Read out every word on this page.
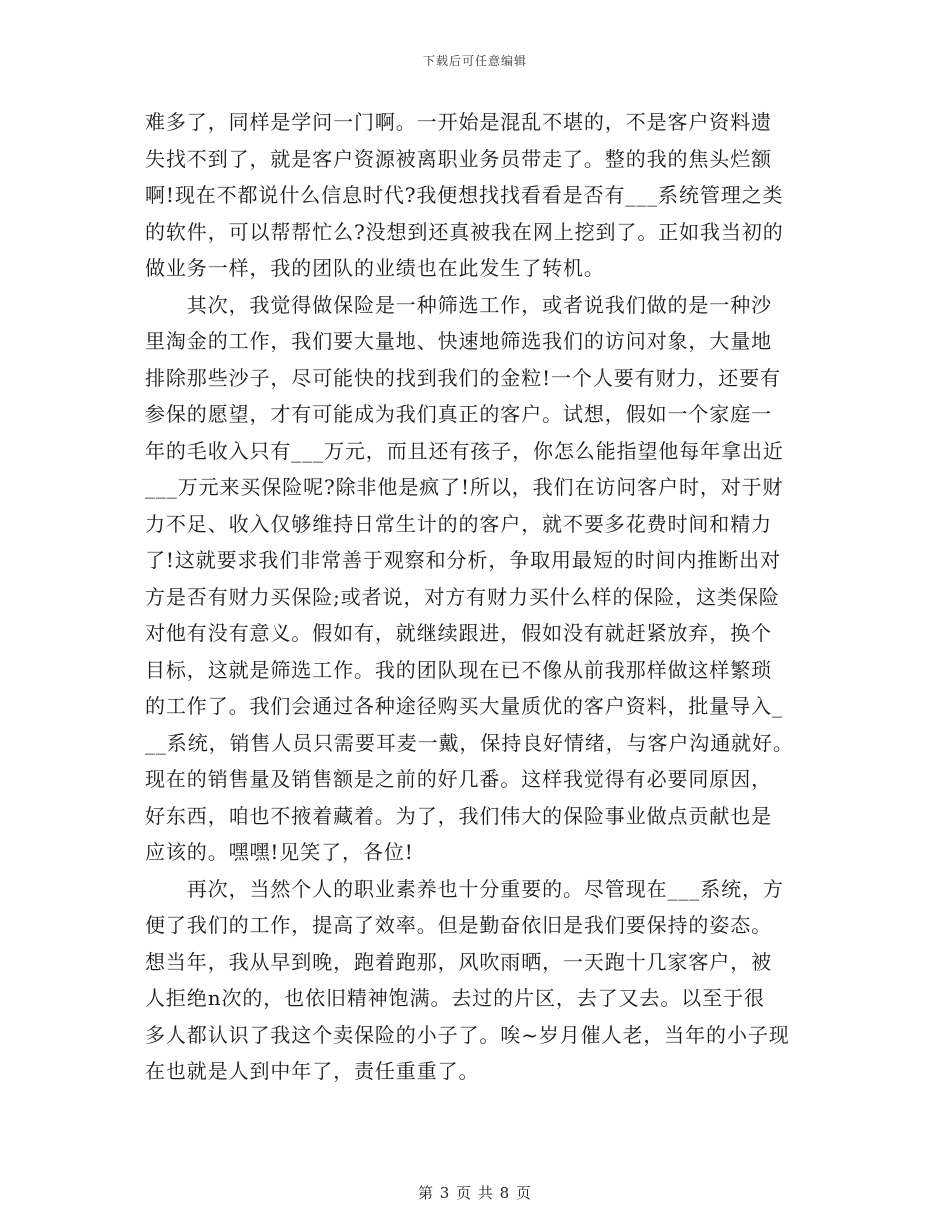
下载后可任意编辑
难多了，同样是学问一门啊。一开始是混乱不堪的，不是客户资料遗
失找不到了，就是客户资源被离职业务员带走了。整的我的焦头烂额
啊!现在不都说什么信息时代?我便想找找看看是否有___系统管理之类
的软件，可以帮帮忙么?没想到还真被我在网上挖到了。正如我当初的
做业务一样，我的团队的业绩也在此发生了转机。
　　其次，我觉得做保险是一种筛选工作，或者说我们做的是一种沙
里淘金的工作，我们要大量地、快速地筛选我们的访问对象，大量地
排除那些沙子，尽可能快的找到我们的金粒!一个人要有财力，还要有
参保的愿望，才有可能成为我们真正的客户。试想，假如一个家庭一
年的毛收入只有___万元，而且还有孩子，你怎么能指望他每年拿出近
___万元来买保险呢?除非他是疯了!所以，我们在访问客户时，对于财
力不足、收入仅够维持日常生计的的客户，就不要多花费时间和精力
了!这就要求我们非常善于观察和分析，争取用最短的时间内推断出对
方是否有财力买保险;或者说，对方有财力买什么样的保险，这类保险
对他有没有意义。假如有，就继续跟进，假如没有就赶紧放弃，换个
目标，这就是筛选工作。我的团队现在已不像从前我那样做这样繁琐
的工作了。我们会通过各种途径购买大量质优的客户资料，批量导入_
__系统，销售人员只需要耳麦一戴，保持良好情绪，与客户沟通就好。
现在的销售量及销售额是之前的好几番。这样我觉得有必要同原因，
好东西，咱也不掖着藏着。为了，我们伟大的保险事业做点贡献也是
应该的。嘿嘿!见笑了，各位!
　　再次，当然个人的职业素养也十分重要的。尽管现在___系统，方
便了我们的工作，提高了效率。但是勤奋依旧是我们要保持的姿态。
想当年，我从早到晚，跑着跑那，风吹雨晒，一天跑十几家客户，被
人拒绝n次的，也依旧精神饱满。去过的片区，去了又去。以至于很
多人都认识了我这个卖保险的小子了。唉~岁月催人老，当年的小子现
在也就是人到中年了，责任重重了。
第 3 页 共 8 页
